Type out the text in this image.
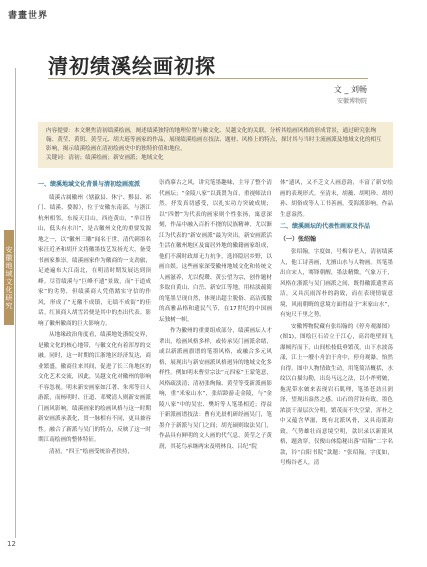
書畫世界
安徽地域文化研究
12
清初绩溪绘画初探
文 _ 刘畅
安徽博物院

内容提要：本文聚焦清初绩溪绘画，阐述绩溪独特的地理位置与徽文化、吴越文化的关联，分析其绘画风格的形成背景，通过研究张绚翰、黄莹、黄钥、黄莹元、胡大琏等画家的作品，展现绩溪绘画在技法、题材、风格上的特点，探讨其与当时主流画派及地域文化的相互影响，揭示绩溪绘画在清初绘画史中的独特价值和地位。

关键词：清初；绩溪绘画；新安画派；地域文化

一、绩溪地域文化背景与清初绘画流派

绩溪古属徽州（辖歙县、休宁、黟县、祁门、绩溪、婺源），位于安徽东南部，与浙江杭州相邻，东接天目山，西连黄山，“举目皆山，低头有水川”，是古徽州文化的重要发源地之一，以“徽州三雕”闻名于世，清代刺墨名家汪近圣和胡开文将徽墨技艺发扬光大，备受书画家推崇。绩溪画家作为徽商的一支劲旅，足迹遍布大江南北，在明清时期发展达到顶峰。尽管绩溪与“巨峰不遗”景致，而“于道成家”的劣势，但绩溪商人凭借踏实守信的作风，形成了“无徽不成镇，无绩不成街”的佳话。红顶商人胡雪岩便是其中的杰出代表。影响了徽州徽商的巨大影响力。

从地缘政治角度看，绩溪地处浙皖交界，是徽文化的核心地带，与徽文化有着浑厚的交融。同时，这一时期的江浙地区经济发达，商业繁盛，徽商往来其间，促进了长三角地区的文化艺术交流，因此，吴越文化对徽州的影响不容忽视。明末新安画家如江著、朱邦等日人游派，而杨明时、汪道、邓鹭清人则新安画派门画风影响。绩溪画家的绘画风格与这一时期新安画派承袭化，贯一脉相有不同，更具兼容性。融合了新派与吴门的特点，反映了这一时期江南绘画的整体特征。

清初，“四王”绘画受统治者扶持，

崇尚摹古之风，讲究笔墨趣味，主导了整个清代画坛；“金陵八家”以龚贤为首，重视师法自然，抒发真切感受，以扎实功力突破成规；以“四僧”为代表的画家则个性张扬，寓意深刻，作品中融入百折不挠的民族精神，尤以渐江为代表的“新安画派”最为突出。新安画派活生活在徽州地区及寓居外地的徽籍画家组成，他们不满时政却无力抗争，选择隐居乡野，以画自娱。这些画家深受徽州地域文化和传统文人画滋养，尤以倪瓒、黄公望为宗，创作题材多取自黄山、白岳、新安江等地，用枯淡疏简的笔墨呈现自然，体现出超尘脱俗、高洁孤傲的高雅品格和遗民气节，在17世纪的中国画坛独树一帜。

作为徽州的重要组成部分，绩溪画坛人才辈出，绘画风格多样，或传承吴门画派余绪，或以新派画旗谱的笔墨风格，或融合多元风格，展现出与新安画派风格迥异的地域文化多样性。例如明末曹堂宗法“元四家”王蒙笔意，风格疏淡清；清初张绚翰、黄莹等受新派画影响，重“米家山水”，张绍龄游走金陵，与“金陵八家”中的吴宏、樊圻等人笔墨相近；得益于新派画谱技法：曹有光晨机研经画吴门，笔墨介于新派与吴门之间；胡光硕则取法吴门，作品具有鲜明的文人画的代气息。黄莹之子黄润，其花鸟承继两宋及明林良、吕纪“院

体”遗风，又不乏文人画意韵，丰富了新安绘画的表现形式。至清末，胡蘅、胡明珍、胡纫孙、胡俗成等人工书善画，受海派影响，作品生意盎然。

二、绩溪画坛的代表性画家及作品
（一）张绍翰

张绍翰，字度如，号梅谷老人，清初绩溪人，他工诗善画，尤擅山水与人物画。其笔墨出自宋人，骞锋朝醒，墨法精微，气象万千，风格在浙派与吴门画派之间，既得徽派遗世高洁，又具沉雨浑朴的韵致，而在表现情寰意境，风雨朝晦的意境方面得益于“米家山水”，有宛尺千里之势。

安徽博物院藏有张绍翰的《停舟观瀑图》(图1)，图绘巨石岩立于江心，高岩绝壁间飞瀑倾泻而下，山间松枝低垂繁茂，山下水波荡漾，江上一艘小舟泊于舟中，停舟观瀑，怡然自得。图中人物情致生动，用笔简洁概括，水纹以白描勾勒，出岛马远之法，以小斧劈皴，拖泥带水皴来表现岩石肌理，笔墨苍劲且润泽，望现出盎然之感。山石的营设有致，墨色浓淡干湿层次分明，繁茂而不失空蒙，浑朴之中又蕴含华滋，既有北派风骨，又具南派韵致，气势雄壮而意境空明，款识录以新派风格，题劲穿，仅俊山体隐秘出落“绍翰”二字名款，钤“白阳书院”款题：“张绍翰，字度如，号梅谷老人，清
